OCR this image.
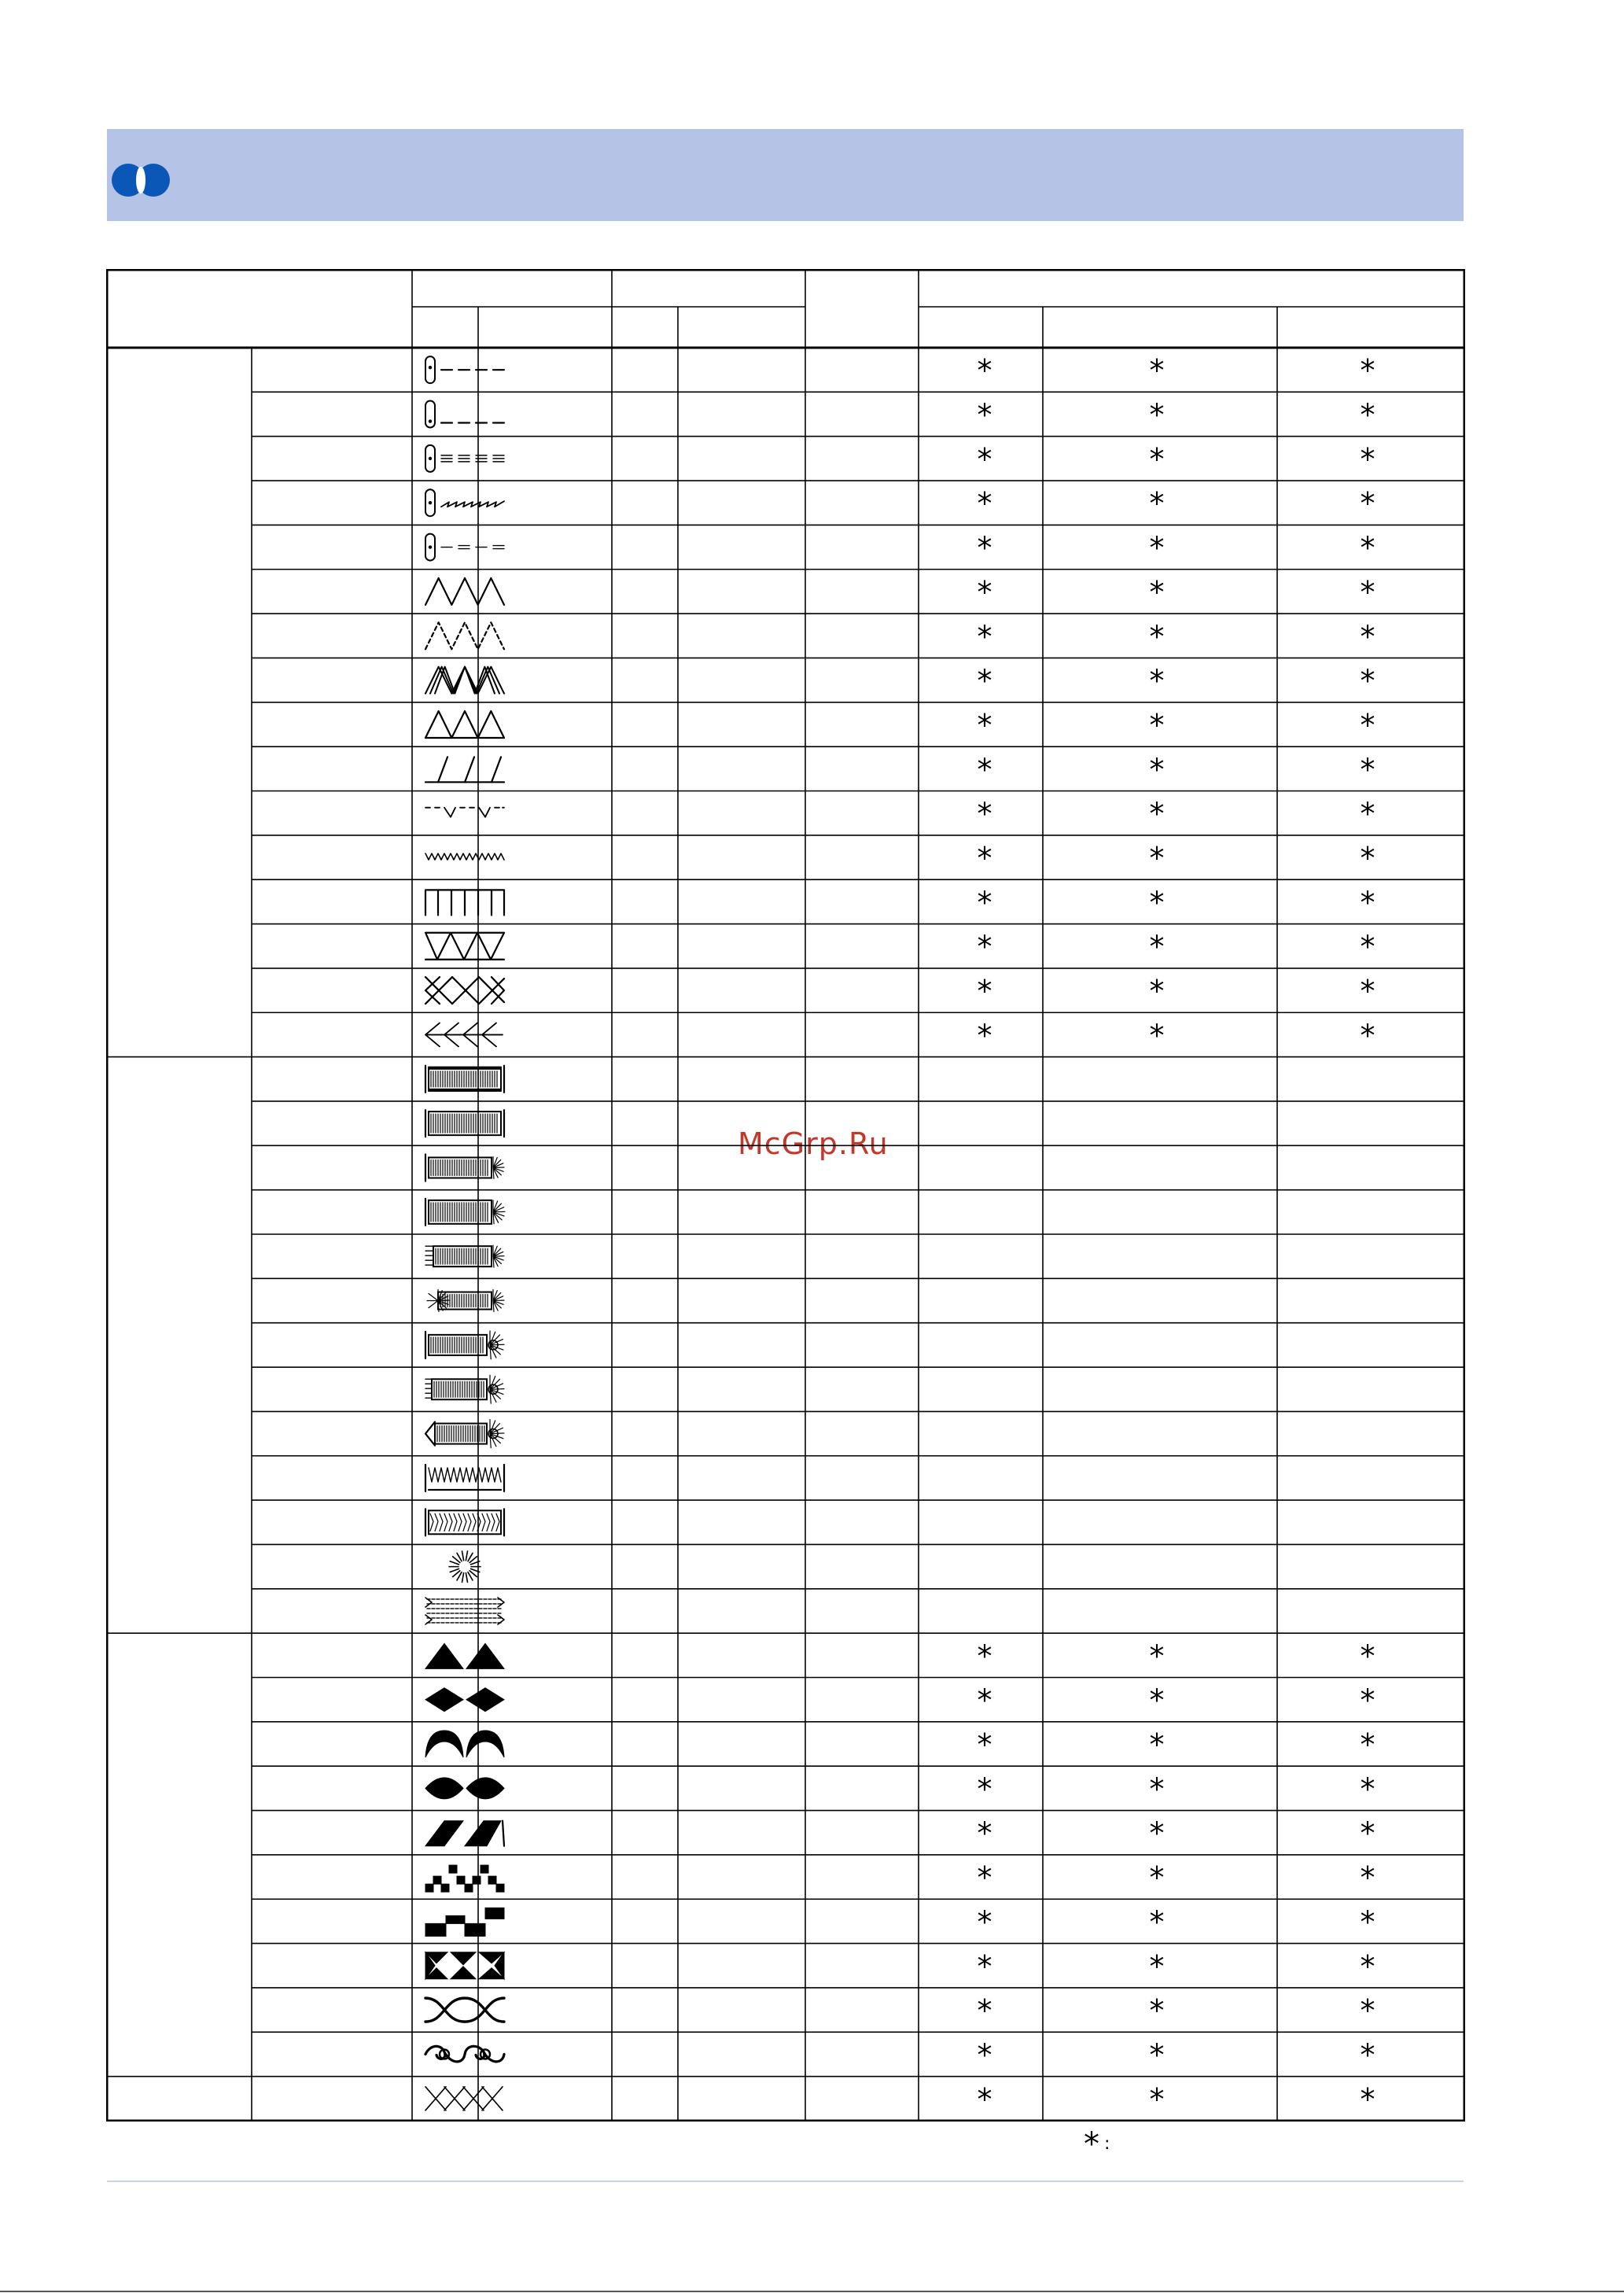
McGrp.Ru
*	*	*
*	*	*
*	*	*
*	*	*
*	*	*
*	*	*
*	*	*
*	*	*
*	*	*
*	*	*
*	*	*
*	*	*
*	*	*
*	*	*
*	*	*
*	*	*
*	*	*
*	*	*
*	*	*
*	*	*
*	*	*
*	*	*
*	*	*
*	*	*
*	*	*
*	*	*
*	*	*
* :
